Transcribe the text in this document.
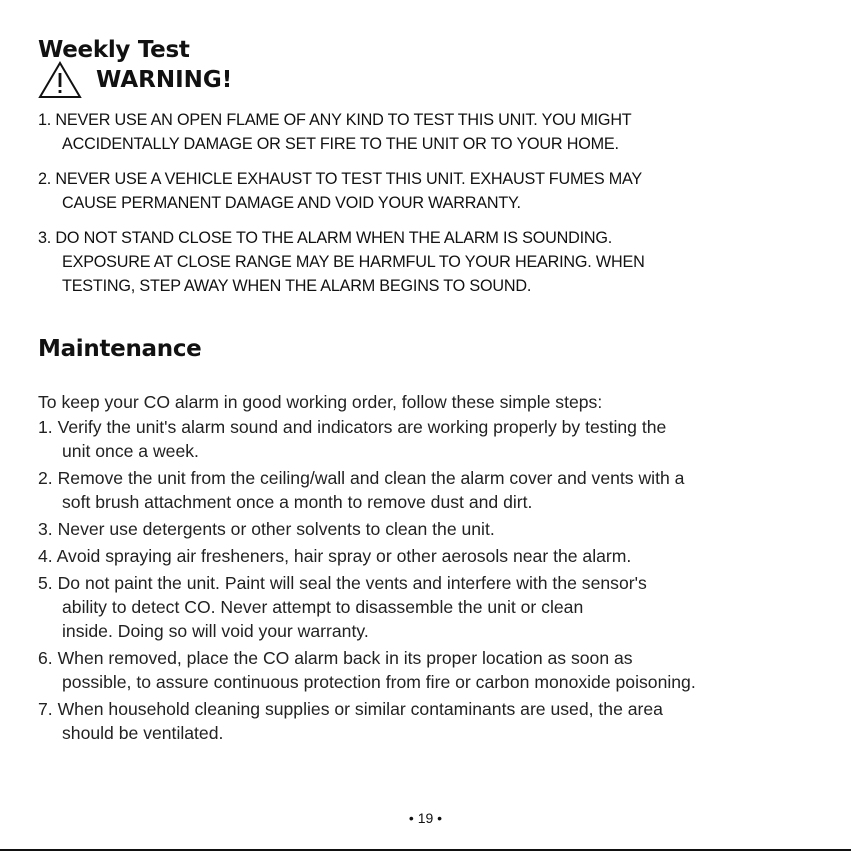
Weekly Test
WARNING!
1. NEVER USE AN OPEN FLAME OF ANY KIND TO TEST THIS UNIT. YOU MIGHT
ACCIDENTALLY DAMAGE OR SET FIRE TO THE UNIT OR TO YOUR HOME.
2. NEVER USE A VEHICLE EXHAUST TO TEST THIS UNIT. EXHAUST FUMES MAY
CAUSE PERMANENT DAMAGE AND VOID YOUR WARRANTY.
3. DO NOT STAND CLOSE TO THE ALARM WHEN THE ALARM IS SOUNDING.
EXPOSURE AT CLOSE RANGE MAY BE HARMFUL TO YOUR HEARING. WHEN
TESTING, STEP AWAY WHEN THE ALARM BEGINS TO SOUND.
Maintenance

To keep your CO alarm in good working order, follow these simple steps:

1. Verify the unit's alarm sound and indicators are working properly by testing the
unit once a week.
2. Remove the unit from the ceiling/wall and clean the alarm cover and vents with a
soft brush attachment once a month to remove dust and dirt.
3. Never use detergents or other solvents to clean the unit.
4. Avoid spraying air fresheners, hair spray or other aerosols near the alarm.
5. Do not paint the unit. Paint will seal the vents and interfere with the sensor's
ability to detect CO. Never attempt to disassemble the unit or clean
inside. Doing so will void your warranty.
6. When removed, place the CO alarm back in its proper location as soon as
possible, to assure continuous protection from fire or carbon monoxide poisoning.
7. When household cleaning supplies or similar contaminants are used, the area
should be ventilated.
• 19 •
